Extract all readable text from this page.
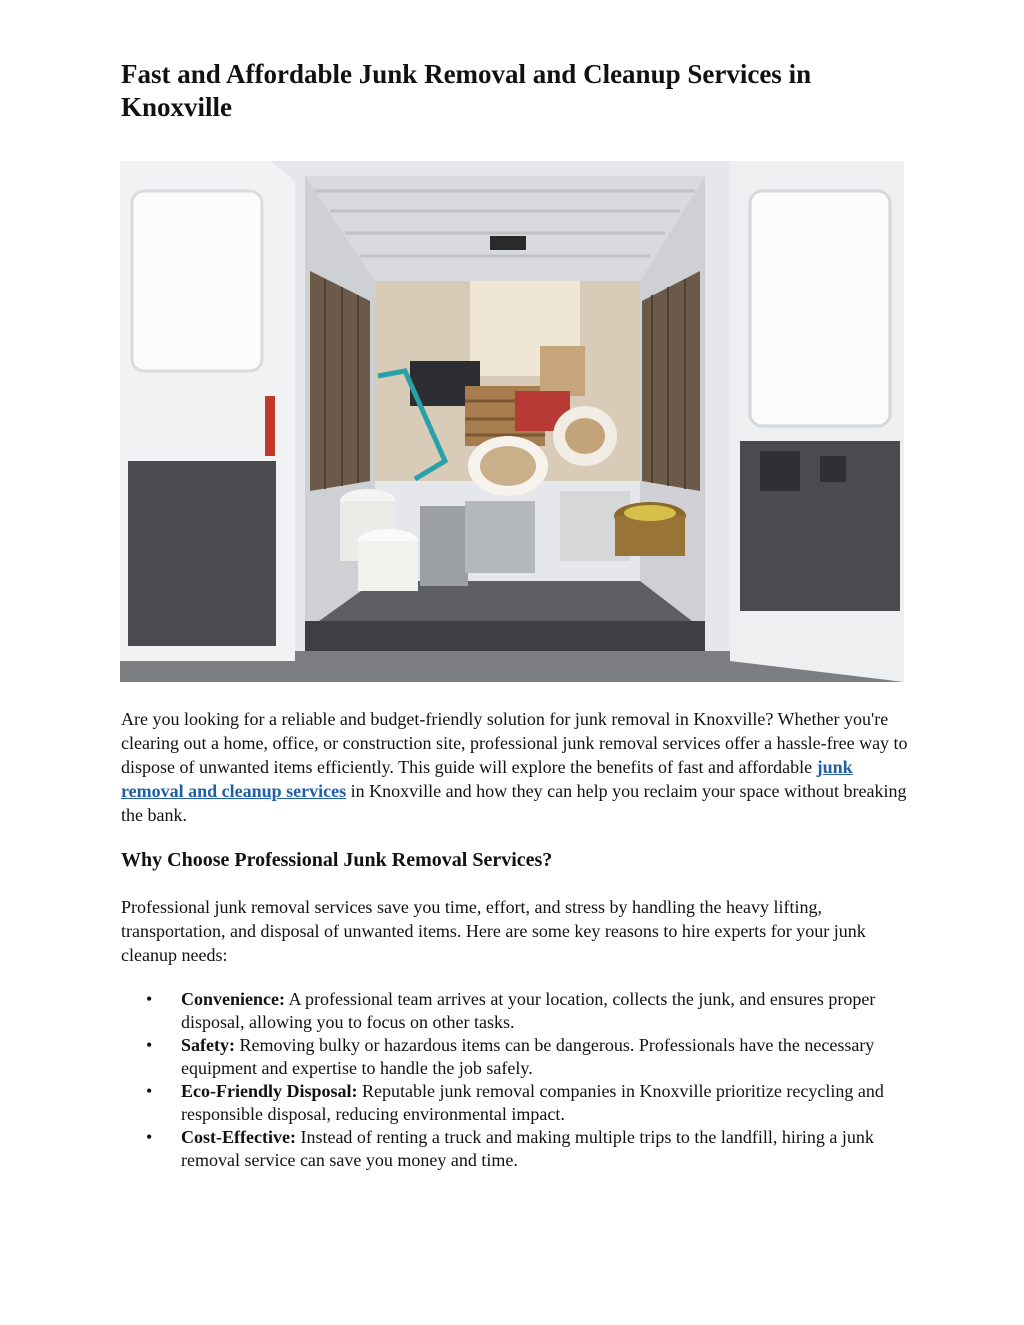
Fast and Affordable Junk Removal and Cleanup Services in Knoxville

Are you looking for a reliable and budget-friendly solution for junk removal in Knoxville? Whether you're clearing out a home, office, or construction site, professional junk removal services offer a hassle-free way to dispose of unwanted items efficiently. This guide will explore the benefits of fast and affordable junk removal and cleanup services in Knoxville and how they can help you reclaim your space without breaking the bank.

Why Choose Professional Junk Removal Services?

Professional junk removal services save you time, effort, and stress by handling the heavy lifting, transportation, and disposal of unwanted items. Here are some key reasons to hire experts for your junk cleanup needs:

• Convenience: A professional team arrives at your location, collects the junk, and ensures proper disposal, allowing you to focus on other tasks.
• Safety: Removing bulky or hazardous items can be dangerous. Professionals have the necessary equipment and expertise to handle the job safely.
• Eco-Friendly Disposal: Reputable junk removal companies in Knoxville prioritize recycling and responsible disposal, reducing environmental impact.
• Cost-Effective: Instead of renting a truck and making multiple trips to the landfill, hiring a junk removal service can save you money and time.
